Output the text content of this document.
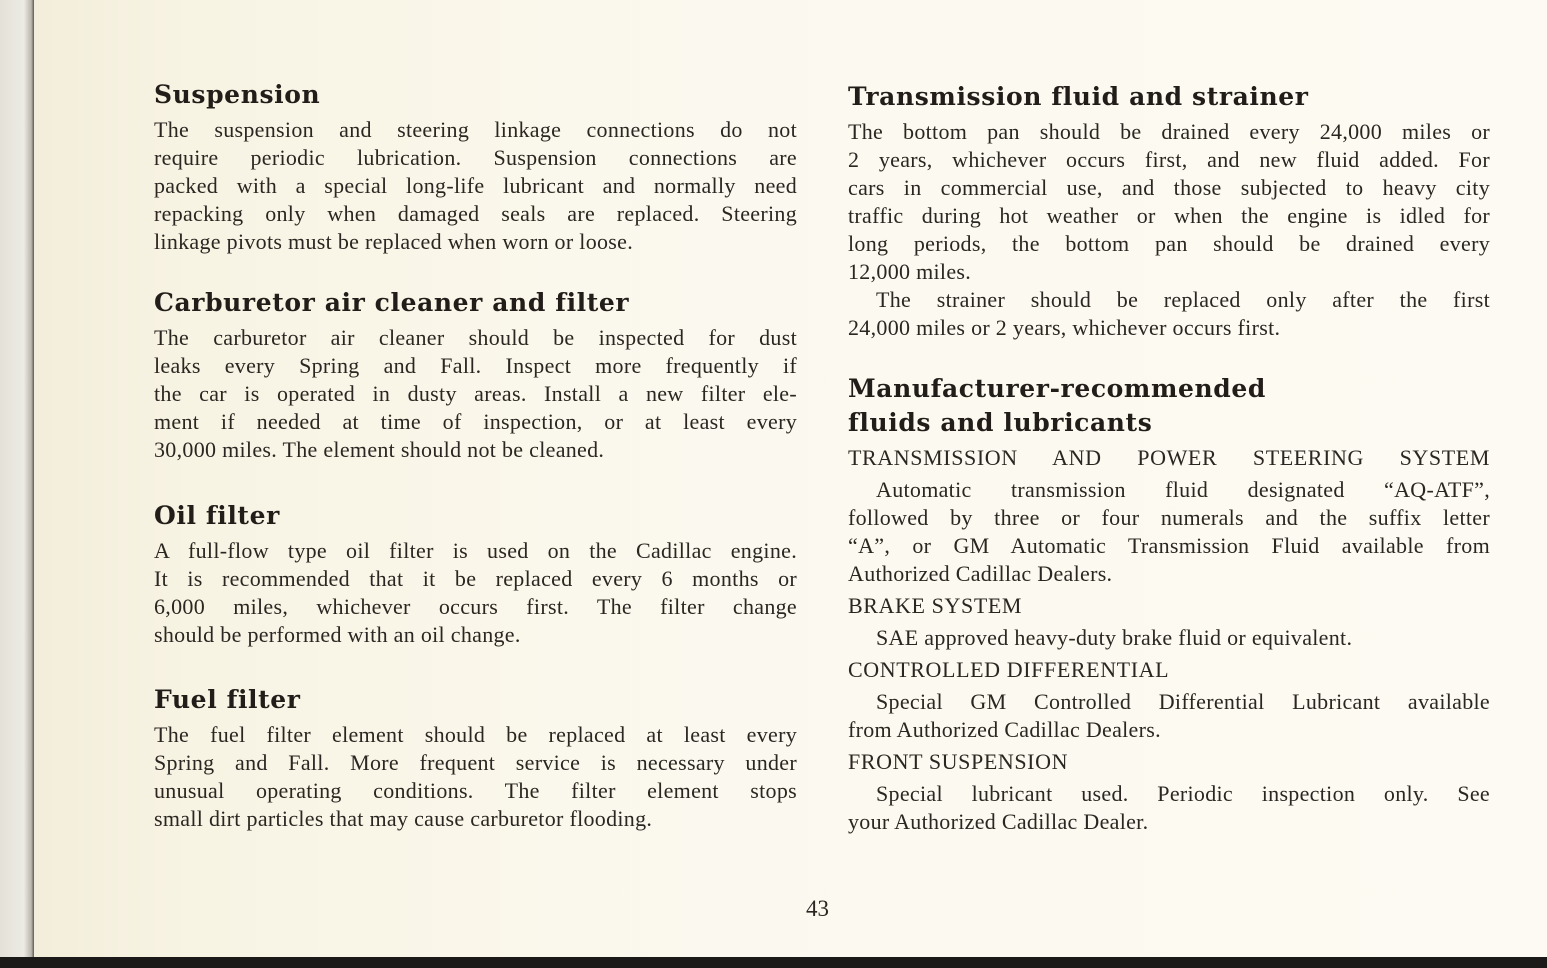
Suspension
The suspension and steering linkage connections do not
require periodic lubrication. Suspension connections are
packed with a special long-life lubricant and normally need
repacking only when damaged seals are replaced. Steering
linkage pivots must be replaced when worn or loose.
Carburetor air cleaner and filter
The carburetor air cleaner should be inspected for dust
leaks every Spring and Fall. Inspect more frequently if
the car is operated in dusty areas. Install a new filter ele-
ment if needed at time of inspection, or at least every
30,000 miles. The element should not be cleaned.
Oil filter
A full-flow type oil filter is used on the Cadillac engine.
It is recommended that it be replaced every 6 months or
6,000 miles, whichever occurs first. The filter change
should be performed with an oil change.
Fuel filter
The fuel filter element should be replaced at least every
Spring and Fall. More frequent service is necessary under
unusual operating conditions. The filter element stops
small dirt particles that may cause carburetor flooding.
Transmission fluid and strainer
The bottom pan should be drained every 24,000 miles or
2 years, whichever occurs first, and new fluid added. For
cars in commercial use, and those subjected to heavy city
traffic during hot weather or when the engine is idled for
long periods, the bottom pan should be drained every
12,000 miles.
The strainer should be replaced only after the first
24,000 miles or 2 years, whichever occurs first.
Manufacturer-recommended
fluids and lubricants
TRANSMISSION AND POWER STEERING SYSTEM
Automatic transmission fluid designated “AQ-ATF”,
followed by three or four numerals and the suffix letter
“A”, or GM Automatic Transmission Fluid available from
Authorized Cadillac Dealers.
BRAKE SYSTEM
SAE approved heavy-duty brake fluid or equivalent.
CONTROLLED DIFFERENTIAL
Special GM Controlled Differential Lubricant available
from Authorized Cadillac Dealers.
FRONT SUSPENSION
Special lubricant used. Periodic inspection only. See
your Authorized Cadillac Dealer.
43
